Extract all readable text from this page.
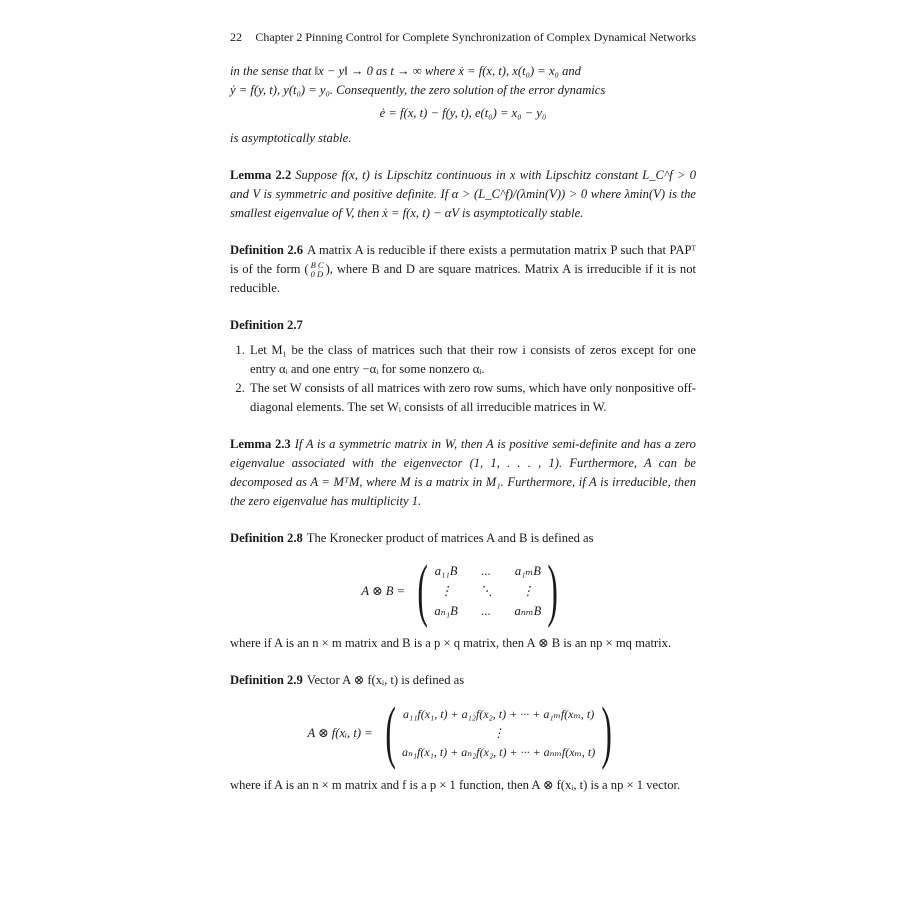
22	Chapter 2 Pinning Control for Complete Synchronization of Complex Dynamical Networks

in the sense that ‖x − y‖ → 0 as t → ∞ where ẋ = f(x, t), x(t₀) = x₀ and

ẏ = f(y, t), y(t₀) = y₀. Consequently, the zero solution of the error dynamics

ė = f(x, t) − f(y, t), e(t₀) = x₀ − y₀

is asymptotically stable.

Lemma 2.2 Suppose f(x, t) is Lipschitz continuous in x with Lipschitz constant L_C^f > 0 and V is symmetric and positive definite. If α > (L_C^f)/(λmin(V)) > 0 where λmin(V) is the smallest eigenvalue of V, then ẋ = f(x, t) − αV is asymptotically stable.

Definition 2.6 A matrix A is reducible if there exists a permutation matrix P such that PAPᵀ is of the form ( B C
0 D ), where B and D are square matrices. Matrix A is irreducible if it is not reducible.

Definition 2.7
1. Let M₁ be the class of matrices such that their row i consists of zeros except for one entry αᵢ and one entry −αᵢ for some nonzero αᵢ.
2. The set W consists of all matrices with zero row sums, which have only nonpositive off-diagonal elements. The set Wᵢ consists of all irreducible matrices in W.

Lemma 2.3 If A is a symmetric matrix in W, then A is positive semi-definite and has a zero eigenvalue associated with the eigenvector (1, 1, . . . , 1). Furthermore, A can be decomposed as A = MᵀM, where M is a matrix in M₁. Furthermore, if A is irreducible, then the zero eigenvalue has multiplicity 1.

Definition 2.8 The Kronecker product of matrices A and B is defined as

A ⊗ B = ( a₁₁B ... a₁ₘB
⋮	⋱	⋮
aₙ₁B ... aₙₘB )

where if A is an n × m matrix and B is a p × q matrix, then A ⊗ B is an np × mq matrix.

Definition 2.9 Vector A ⊗ f(xᵢ, t) is defined as

A ⊗ f(xᵢ, t) = ( a₁₁f(x₁, t) + a₁₂f(x₂, t) + ··· + a₁ₘf(xₘ, t)
⋮
aₙ₁f(x₁, t) + aₙ₂f(x₂, t) + ··· + aₙₘf(xₘ, t) )

where if A is an n × m matrix and f is a p × 1 function, then A ⊗ f(xᵢ, t) is a np × 1 vector.
